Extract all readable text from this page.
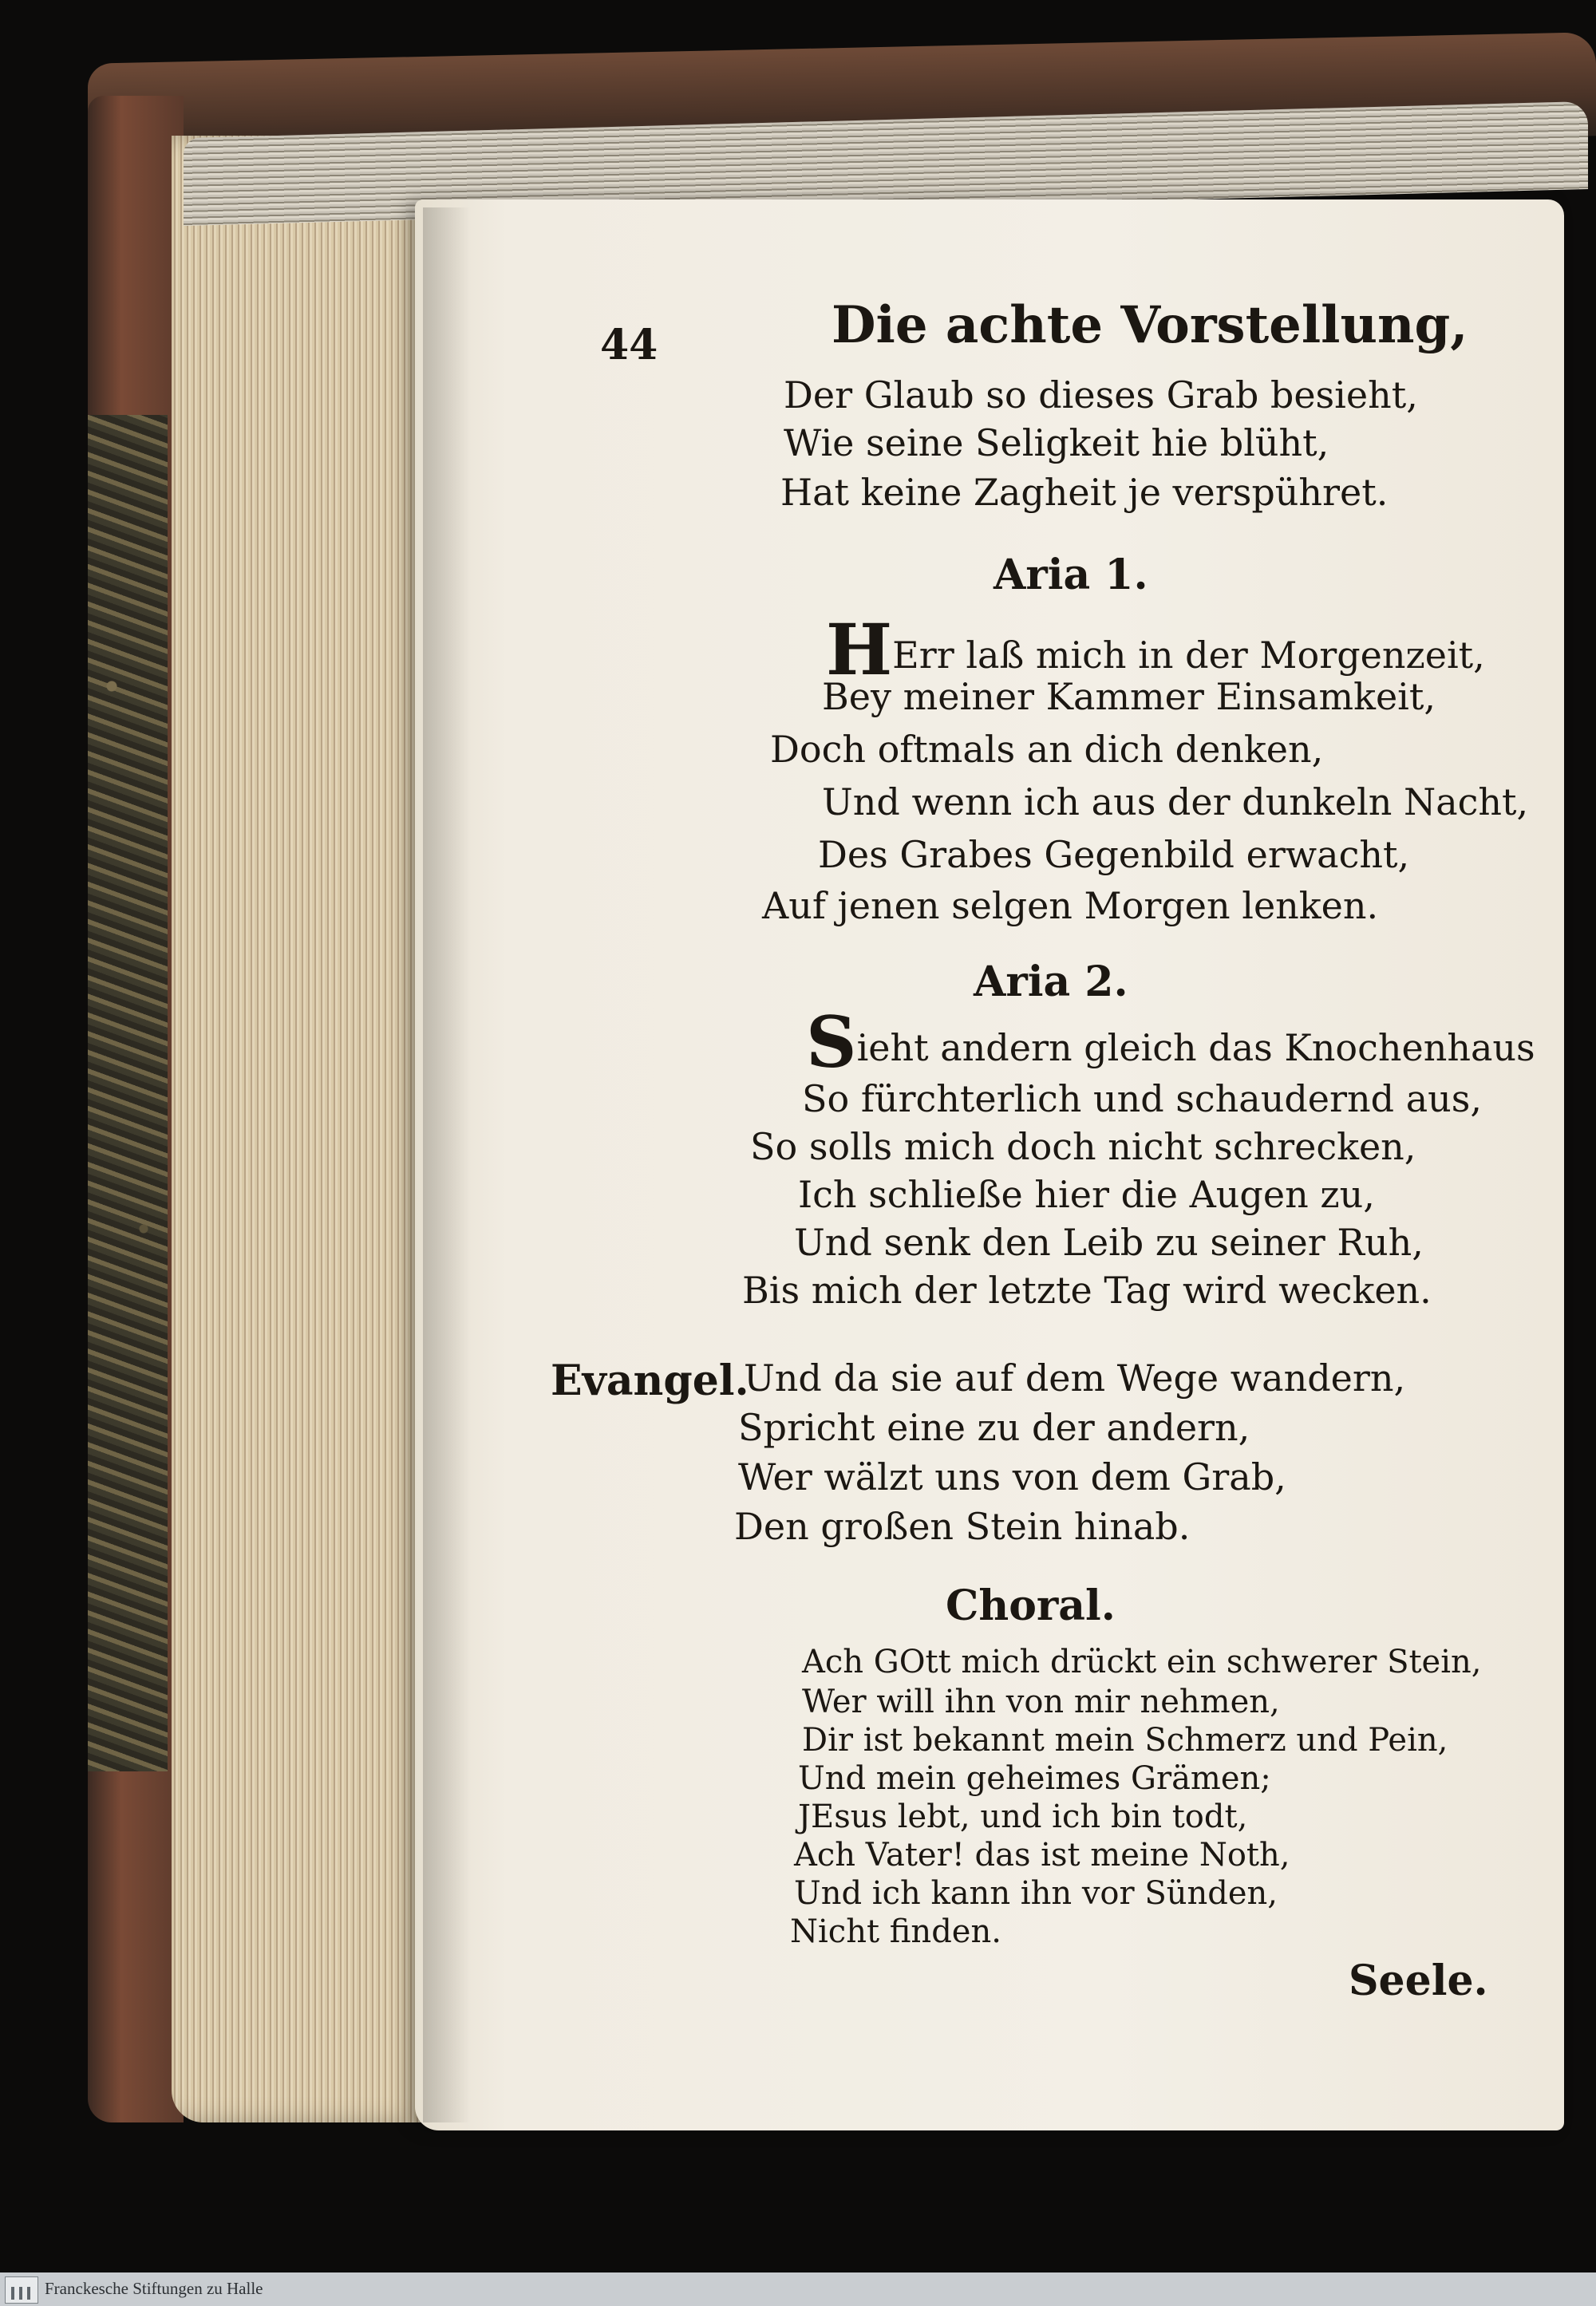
44	Die achte Vorstellung,
Der Glaub so dieses Grab besieht,
Wie seine Seligkeit hie blüht,
Hat keine Zagheit je verspühret.
Aria 1.
HErr laß mich in der Morgenzeit,
Bey meiner Kammer Einsamkeit,
Doch oftmals an dich denken,
Und wenn ich aus der dunkeln Nacht,
Des Grabes Gegenbild erwacht,
Auf jenen selgen Morgen lenken.
Aria 2.
Sieht andern gleich das Knochenhaus
So fürchterlich und schaudernd aus,
So solls mich doch nicht schrecken,
Ich schließe hier die Augen zu,
Und senk den Leib zu seiner Ruh,
Bis mich der letzte Tag wird wecken.
Evangel.
Und da sie auf dem Wege wandern,
Spricht eine zu der andern,
Wer wälzt uns von dem Grab,
Den großen Stein hinab.
Choral.
Ach GOtt mich drückt ein schwerer Stein,
Wer will ihn von mir nehmen,
Dir ist bekannt mein Schmerz und Pein,
Und mein geheimes Grämen;
JEsus lebt, und ich bin todt,
Ach Vater! das ist meine Noth,
Und ich kann ihn vor Sünden,
Nicht finden.
Seele.
Franckesche Stiftungen zu Halle
